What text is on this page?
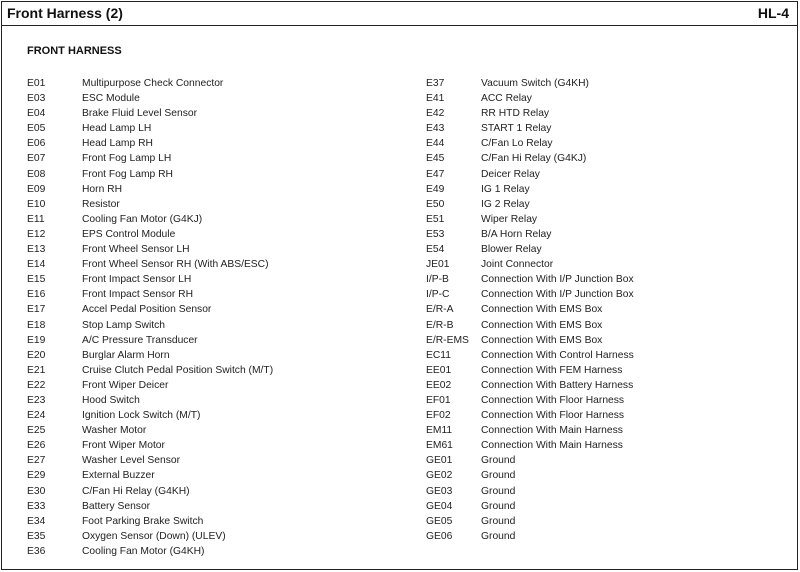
Front Harness (2)	HL-4
FRONT HARNESS
E01	Multipurpose Check Connector
E03	ESC Module
E04	Brake Fluid Level Sensor
E05	Head Lamp LH
E06	Head Lamp RH
E07	Front Fog Lamp LH
E08	Front Fog Lamp RH
E09	Horn RH
E10	Resistor
E11	Cooling Fan Motor (G4KJ)
E12	EPS Control Module
E13	Front Wheel Sensor LH
E14	Front Wheel Sensor RH (With ABS/ESC)
E15	Front Impact Sensor LH
E16	Front Impact Sensor RH
E17	Accel Pedal Position Sensor
E18	Stop Lamp Switch
E19	A/C Pressure Transducer
E20	Burglar Alarm Horn
E21	Cruise Clutch Pedal Position Switch (M/T)
E22	Front Wiper Deicer
E23	Hood Switch
E24	Ignition Lock Switch (M/T)
E25	Washer Motor
E26	Front Wiper Motor
E27	Washer Level Sensor
E29	External Buzzer
E30	C/Fan Hi Relay (G4KH)
E33	Battery Sensor
E34	Foot Parking Brake Switch
E35	Oxygen Sensor (Down) (ULEV)
E36	Cooling Fan Motor (G4KH)
E37	Vacuum Switch (G4KH)
E41	ACC Relay
E42	RR HTD Relay
E43	START 1 Relay
E44	C/Fan Lo Relay
E45	C/Fan Hi Relay (G4KJ)
E47	Deicer Relay
E49	IG 1 Relay
E50	IG 2 Relay
E51	Wiper Relay
E53	B/A Horn Relay
E54	Blower Relay
JE01	Joint Connector
I/P-B	Connection With I/P Junction Box
I/P-C	Connection With I/P Junction Box
E/R-A	Connection With EMS Box
E/R-B	Connection With EMS Box
E/R-EMS	Connection With EMS Box
EC11	Connection With Control Harness
EE01	Connection With FEM Harness
EE02	Connection With Battery Harness
EF01	Connection With Floor Harness
EF02	Connection With Floor Harness
EM11	Connection With Main Harness
EM61	Connection With Main Harness
GE01	Ground
GE02	Ground
GE03	Ground
GE04	Ground
GE05	Ground
GE06	Ground
